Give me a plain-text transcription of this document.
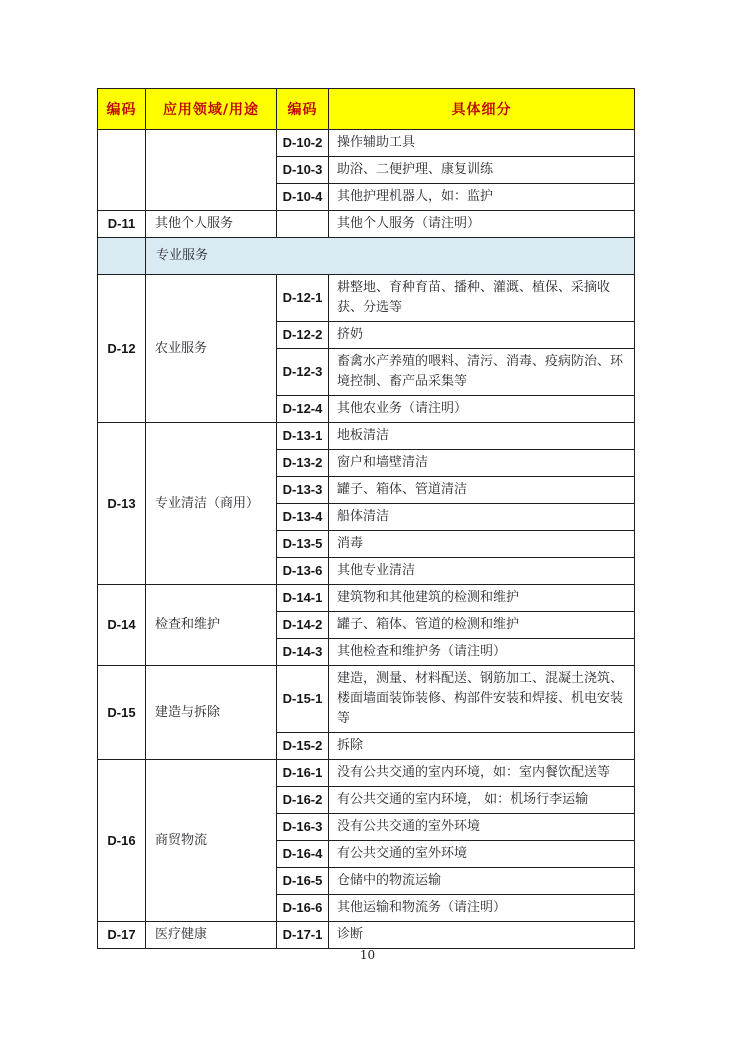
编码	应用领域/用途	编码	具体细分
		D-10-2	操作辅助工具
		D-10-3	助浴、二便护理、康复训练
		D-10-4	其他护理机器人，如：监护
D-11	其他个人服务		其他个人服务（请注明）
	专业服务		
D-12	农业服务	D-12-1	耕整地、育种育苗、播种、灌溉、植保、采摘收获、分选等
		D-12-2	挤奶
		D-12-3	畜禽水产养殖的喂料、清污、消毒、疫病防治、环境控制、畜产品采集等
		D-12-4	其他农业务（请注明）
D-13	专业清洁（商用）	D-13-1	地板清洁
		D-13-2	窗户和墙壁清洁
		D-13-3	罐子、箱体、管道清洁
		D-13-4	船体清洁
		D-13-5	消毒
		D-13-6	其他专业清洁
D-14	检查和维护	D-14-1	建筑物和其他建筑的检测和维护
		D-14-2	罐子、箱体、管道的检测和维护
		D-14-3	其他检查和维护务（请注明）
D-15	建造与拆除	D-15-1	建造，测量、材料配送、钢筋加工、混凝土浇筑、楼面墙面装饰装修、构部件安装和焊接、机电安装等
		D-15-2	拆除
D-16	商贸物流	D-16-1	没有公共交通的室内环境，如：室内餐饮配送等
		D-16-2	有公共交通的室内环境， 如：机场行李运输
		D-16-3	没有公共交通的室外环境
		D-16-4	有公共交通的室外环境
		D-16-5	仓储中的物流运输
		D-16-6	其他运输和物流务（请注明）
D-17	医疗健康	D-17-1	诊断
10
